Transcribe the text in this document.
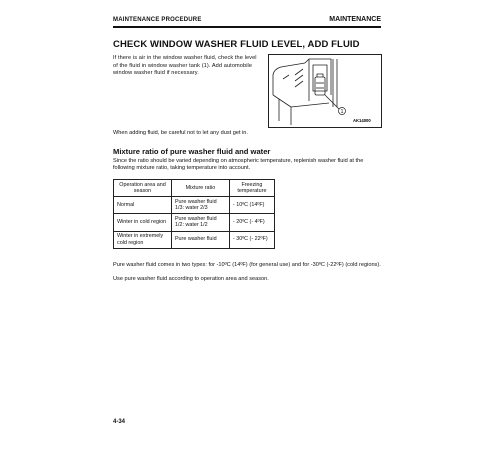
MAINTENANCE PROCEDURE	MAINTENANCE
CHECK WINDOW WASHER FLUID LEVEL, ADD FLUID
If there is air in the window washer fluid, check the level of the fluid in window washer tank (1). Add automobile window washer fluid if necessary.
1
AK14000
When adding fluid, be careful not to let any dust get in.
Mixture ratio of pure washer fluid and water
Since the ratio should be varied depending on atmospheric temperature, replenish washer fluid at the following mixture ratio, taking temperature into account.
Operation area and season	Mixture ratio	Freezing temperature
Normal	Pure washer fluid 1/3: water 2/3	- 10ºC (14ºF)
Winter in cold region	Pure washer fluid 1/2: water 1/2	- 20ºC (- 4ºF)
Winter in extremely cold region	Pure washer fluid	- 30ºC (- 22ºF)
Pure washer fluid comes in two types: for -10ºC (14ºF) (for general use) and for -30ºC (-22ºF) (cold regions).
Use pure washer fluid according to operation area and season.
4-34
